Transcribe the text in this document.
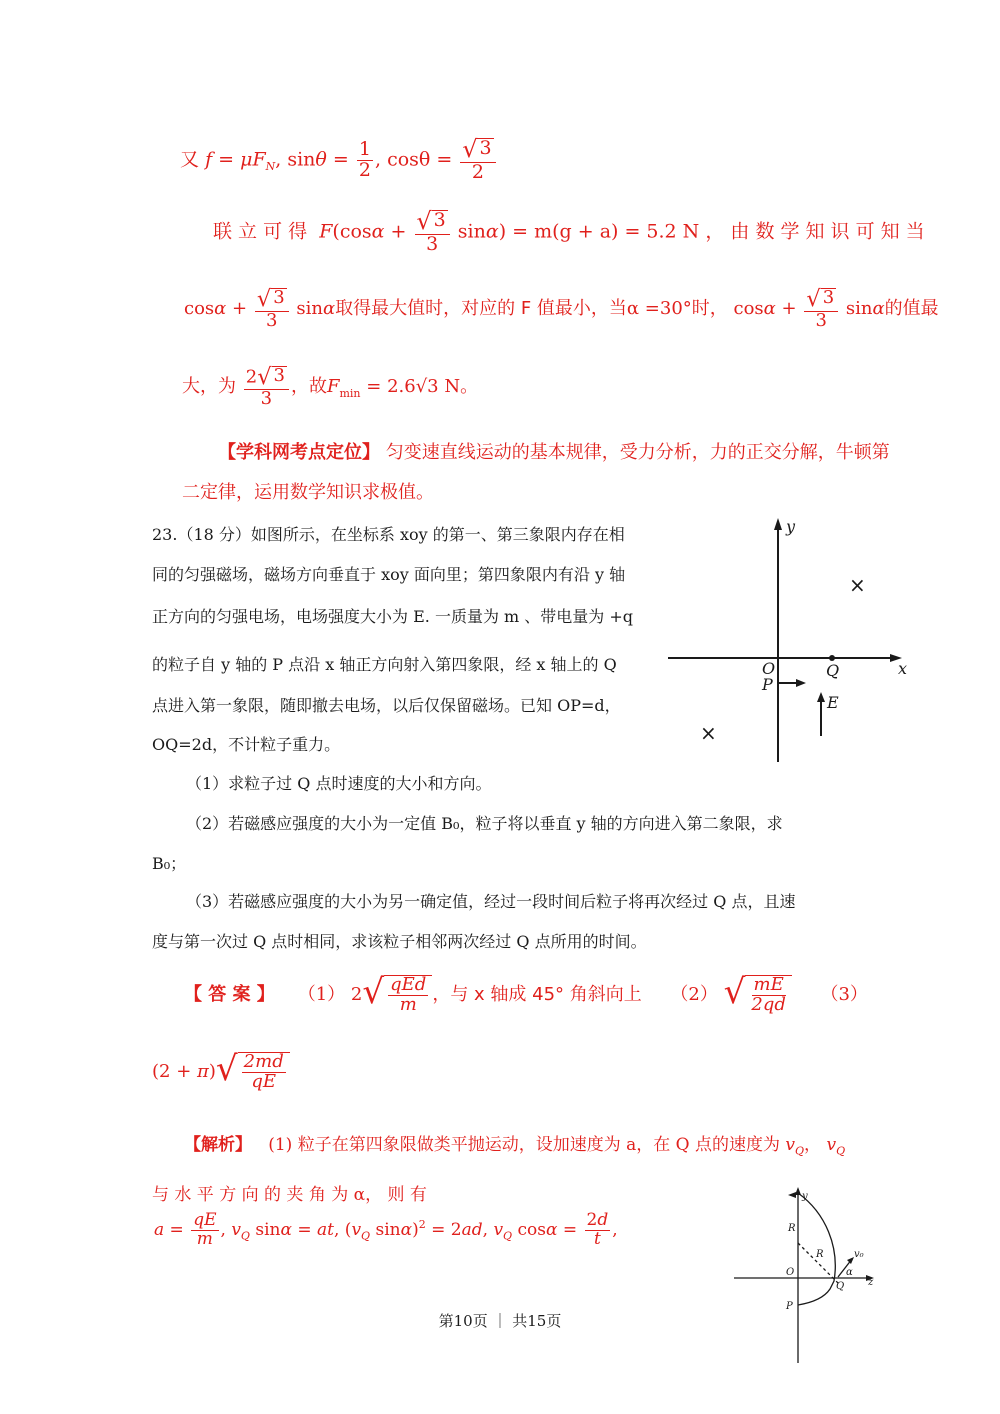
又 $f = \mu F_N$, $\sin\theta = \frac{1}{2}$ , $\cos\theta = \frac{√ 3}{2}$
联 立 可 得 $F(\cos\alpha + \frac{√ 3}{3} \sin\alpha) = m(g + a) = 5.2$ N ， 由 数 学 知 识 可 知 当
$\cos\alpha + \frac{√ 3}{3}$ sinα取得最大值时，对应的 F 值最小，当α =30°时， $\cos\alpha + \frac{√ 3}{3}$ sinα的值最
大，为 $\frac{2 √ 3}{3}$ ，故$F_{min} = 2.6√3$ N。
【学科网考点定位】 匀变速直线运动的基本规律，受力分析，力的正交分解，牛顿第
二定律，运用数学知识求极值。
23.（18 分）如图所示，在坐标系 xoy 的第一、第三象限内存在相
同的匀强磁场，磁场方向垂直于 xoy 面向里；第四象限内有沿 y 轴
正方向的匀强电场，电场强度大小为 E. 一质量为 m 、带电量为 +q
的粒子自 y 轴的 P 点沿 x 轴正方向射入第四象限，经 x 轴上的 Q
点进入第一象限，随即撤去电场，以后仅保留磁场。已知 OP=d，
OQ=2d，不计粒子重力。
（1）求粒子过 Q 点时速度的大小和方向。
（2）若磁感应强度的大小为一定值 B₀，粒子将以垂直 y 轴的方向进入第二象限，求
B₀；
（3）若磁感应强度的大小为另一确定值，经过一段时间后粒子将再次经过 Q 点，且速
度与第一次过 Q 点时相同，求该粒子相邻两次经过 Q 点所用的时间。
y
x
O	Q
P
E
×
×
【 答 案 】 （1） 2 √ $\frac{\text{qEd}}{m}$ ，与 x 轴成 45° 角斜向上 （2） √ $\frac{mE}{2qd} (3)$
(2 + π) √ $\frac{2md}{qE}$
【解析】 (1) 粒子在第四象限做类平抛运动，设加速度为 a，在 Q 点的速度为 $v_Q$， $v_Q$
与 水 平 方 向 的 夹 角 为 α， 则 有
$a = \frac{qE}{m}$ , $v_Q$ sinα = at, ($v_Q$ sinα)$^2$ = 2ad, $v_Q$ $\cos\alpha = \frac{2d}{t}$ ,
y
R
R
O
Q
P
α
z
v₀
第10页 ｜ 共15页
